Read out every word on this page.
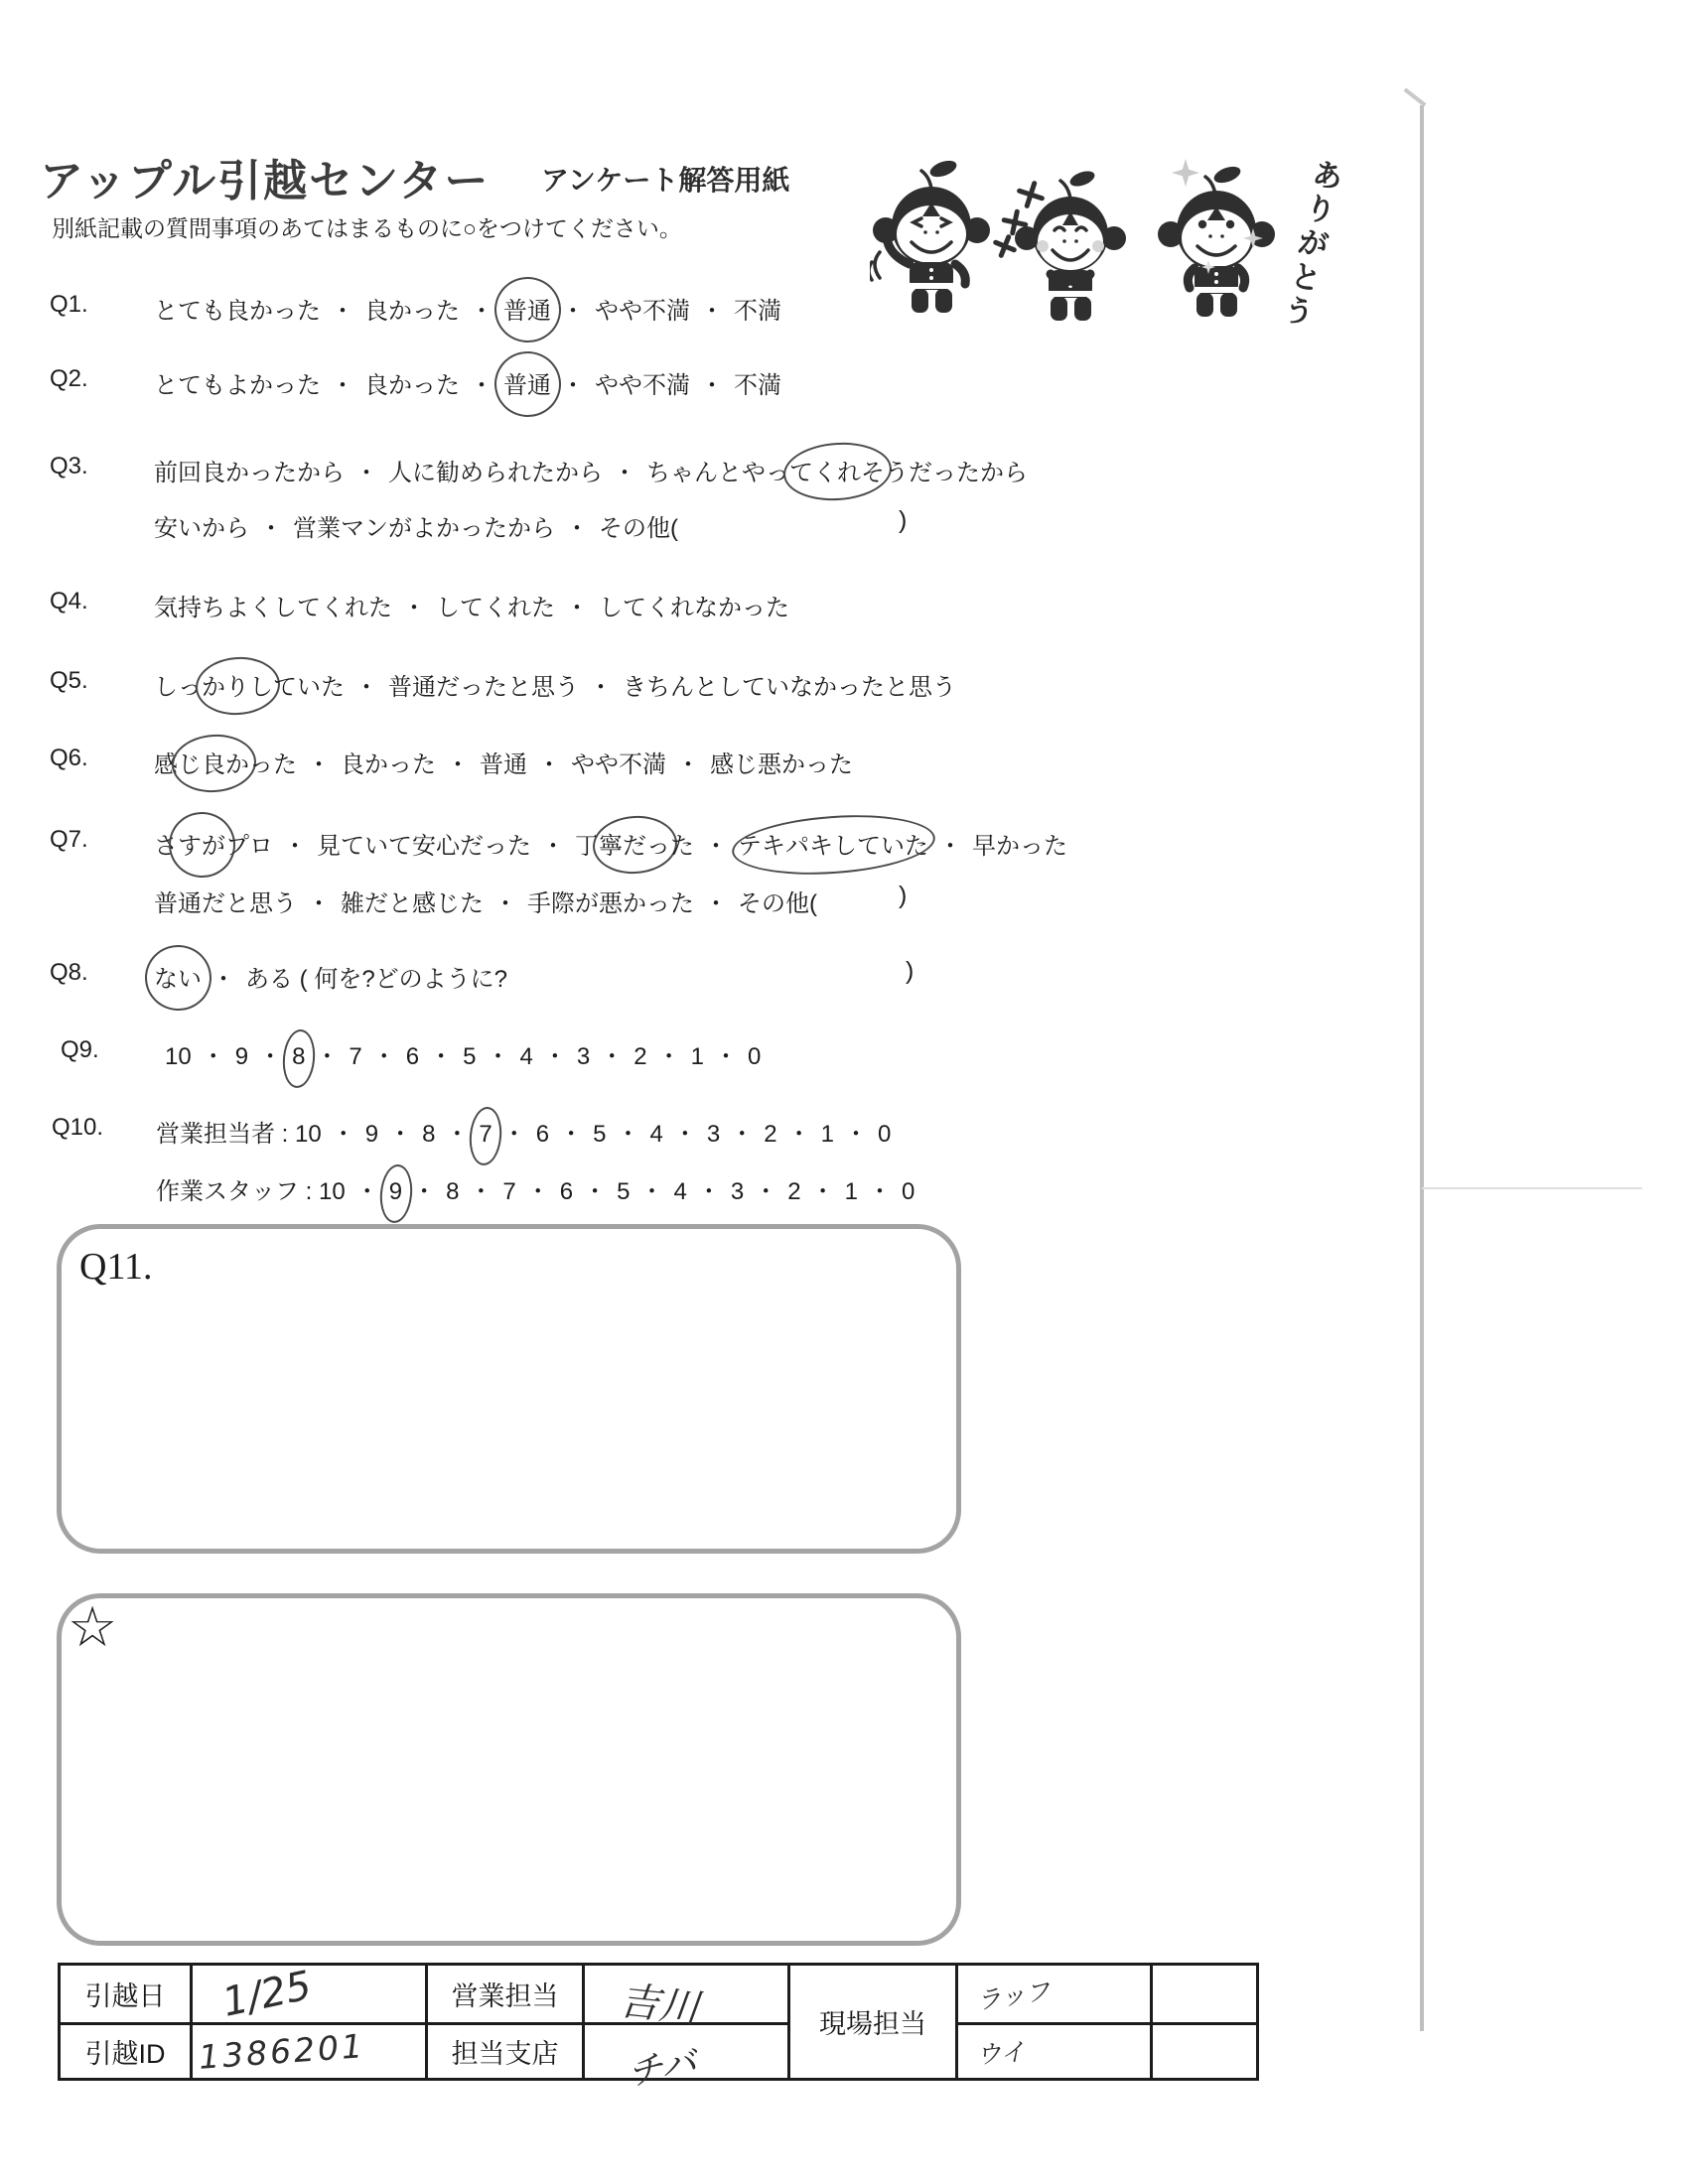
アップル引越センター アンケート解答用紙
別紙記載の質問事項のあてはまるものに○をつけてください。	ありがとう
Q1.	とても良かった ・ 良かった ・ 普通 ・ やや不満 ・ 不満
Q2.	とてもよかった ・ 良かった ・ 普通 ・ やや不満 ・ 不満
Q3.	前回良かったから ・ 人に勧められたから ・ ちゃんとやってくれそうだったから
安いから ・ 営業マンがよかったから ・ その他(
Q4.	気持ちよくしてくれた ・ してくれた ・ してくれなかった
Q5.	しっかりしていた ・ 普通だったと思う ・ きちんとしていなかったと思う
Q6.	感じ良かった ・ 良かった ・ 普通 ・ やや不満 ・ 感じ悪かった
Q7.	さすがプロ ・ 見ていて安心だった ・ 丁寧だった ・ テキパキしていた ・ 早かった
普通だと思う ・ 雑だと感じた ・ 手際が悪かった ・ その他(
Q8.	ない ・ ある ( 何を?どのように?
Q9.	10 ・ 9 ・ 8 ・ 7 ・ 6 ・ 5 ・ 4 ・ 3 ・ 2 ・ 1 ・ 0
Q10. 営業担当者 : 10 ・ 9 ・ 8 ・ 7 ・ 6 ・ 5 ・ 4 ・ 3 ・ 2 ・ 1 ・ 0
作業スタッフ : 10 ・ 9 ・ 8 ・ 7 ・ 6 ・ 5 ・ 4 ・ 3 ・ 2 ・ 1 ・ 0
)
)
)
Q11.
☆
引越日	1/25	営業担当	吉川	現場担当	ラッフ	
引越ID	1386201	担当支店	チバ		ウイ	
